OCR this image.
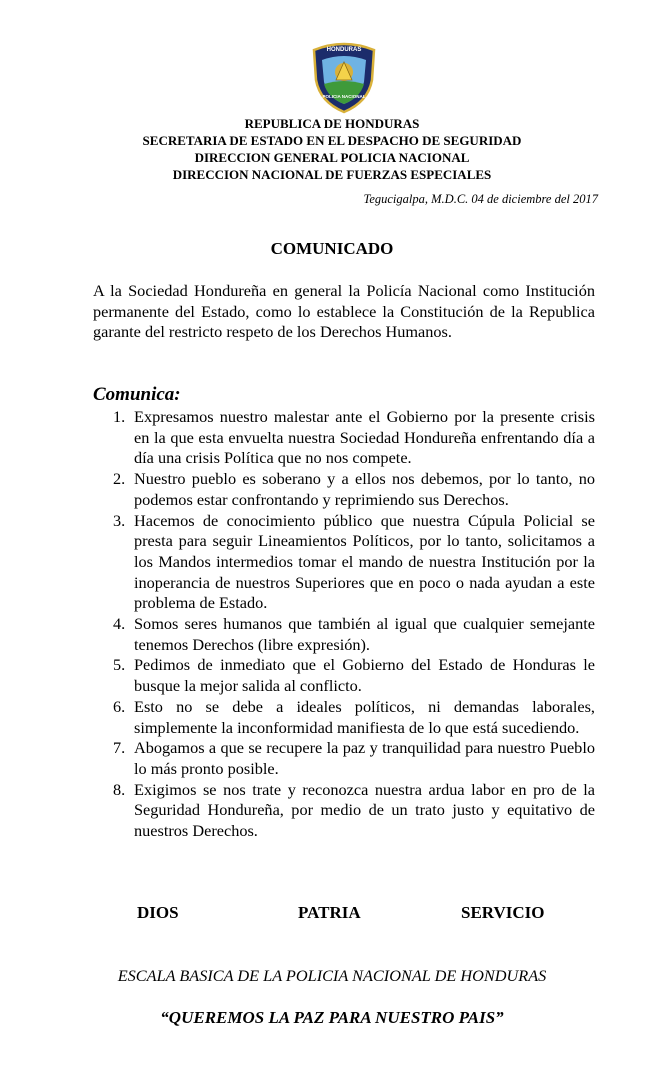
HONDURAS
POLICIA NACIONAL
REPUBLICA DE HONDURAS
SECRETARIA DE ESTADO EN EL DESPACHO DE SEGURIDAD
DIRECCION GENERAL POLICIA NACIONAL
DIRECCION NACIONAL DE FUERZAS ESPECIALES
Tegucigalpa, M.D.C. 04 de diciembre del 2017
COMUNICADO

A la Sociedad Hondureña en general la Policía Nacional como Institución permanente del Estado, como lo establece la Constitución de la Republica garante del restricto respeto de los Derechos Humanos.

Comunica:
1. Expresamos nuestro malestar ante el Gobierno por la presente crisis en la que esta envuelta nuestra Sociedad Hondureña enfrentando día a día una crisis Política que no nos compete.
2. Nuestro pueblo es soberano y a ellos nos debemos, por lo tanto, no podemos estar confrontando y reprimiendo sus Derechos.
3. Hacemos de conocimiento público que nuestra Cúpula Policial se presta para seguir Lineamientos Políticos, por lo tanto, solicitamos a los Mandos intermedios tomar el mando de nuestra Institución por la inoperancia de nuestros Superiores que en poco o nada ayudan a este problema de Estado.
4. Somos seres humanos que también al igual que cualquier semejante tenemos Derechos (libre expresión).
5. Pedimos de inmediato que el Gobierno del Estado de Honduras le busque la mejor salida al conflicto.
6. Esto no se debe a ideales políticos, ni demandas laborales, simplemente la inconformidad manifiesta de lo que está sucediendo.
7. Abogamos a que se recupere la paz y tranquilidad para nuestro Pueblo lo más pronto posible.
8. Exigimos se nos trate y reconozca nuestra ardua labor en pro de la Seguridad Hondureña, por medio de un trato justo y equitativo de nuestros Derechos.
DIOS	PATRIA	SERVICIO
ESCALA BASICA DE LA POLICIA NACIONAL DE HONDURAS
“QUEREMOS LA PAZ PARA NUESTRO PAIS”
